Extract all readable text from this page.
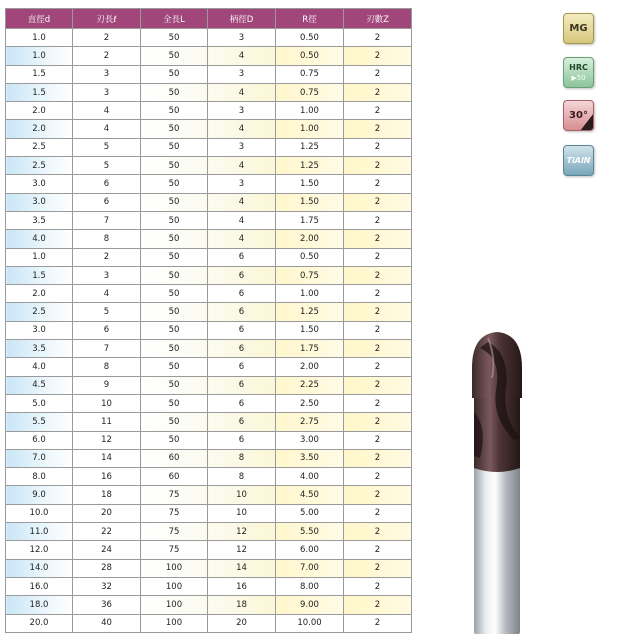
直徑d	刃長ℓ	全長L	柄徑D	R徑	刃數Z
1.0	2	50	3	0.50	2
1.0	2	50	4	0.50	2
1.5	3	50	3	0.75	2
1.5	3	50	4	0.75	2
2.0	4	50	3	1.00	2
2.0	4	50	4	1.00	2
2.5	5	50	3	1.25	2
2.5	5	50	4	1.25	2
3.0	6	50	3	1.50	2
3.0	6	50	4	1.50	2
3.5	7	50	4	1.75	2
4.0	8	50	4	2.00	2
1.0	2	50	6	0.50	2
1.5	3	50	6	0.75	2
2.0	4	50	6	1.00	2
2.5	5	50	6	1.25	2
3.0	6	50	6	1.50	2
3.5	7	50	6	1.75	2
4.0	8	50	6	2.00	2
4.5	9	50	6	2.25	2
5.0	10	50	6	2.50	2
5.5	11	50	6	2.75	2
6.0	12	50	6	3.00	2
7.0	14	60	8	3.50	2
8.0	16	60	8	4.00	2
9.0	18	75	10	4.50	2
10.0	20	75	10	5.00	2
11.0	22	75	12	5.50	2
12.0	24	75	12	6.00	2
14.0	28	100	14	7.00	2
16.0	32	100	16	8.00	2
18.0	36	100	18	9.00	2
20.0	40	100	20	10.00	2
MG
HRC
▶50
30°
TiAlN
